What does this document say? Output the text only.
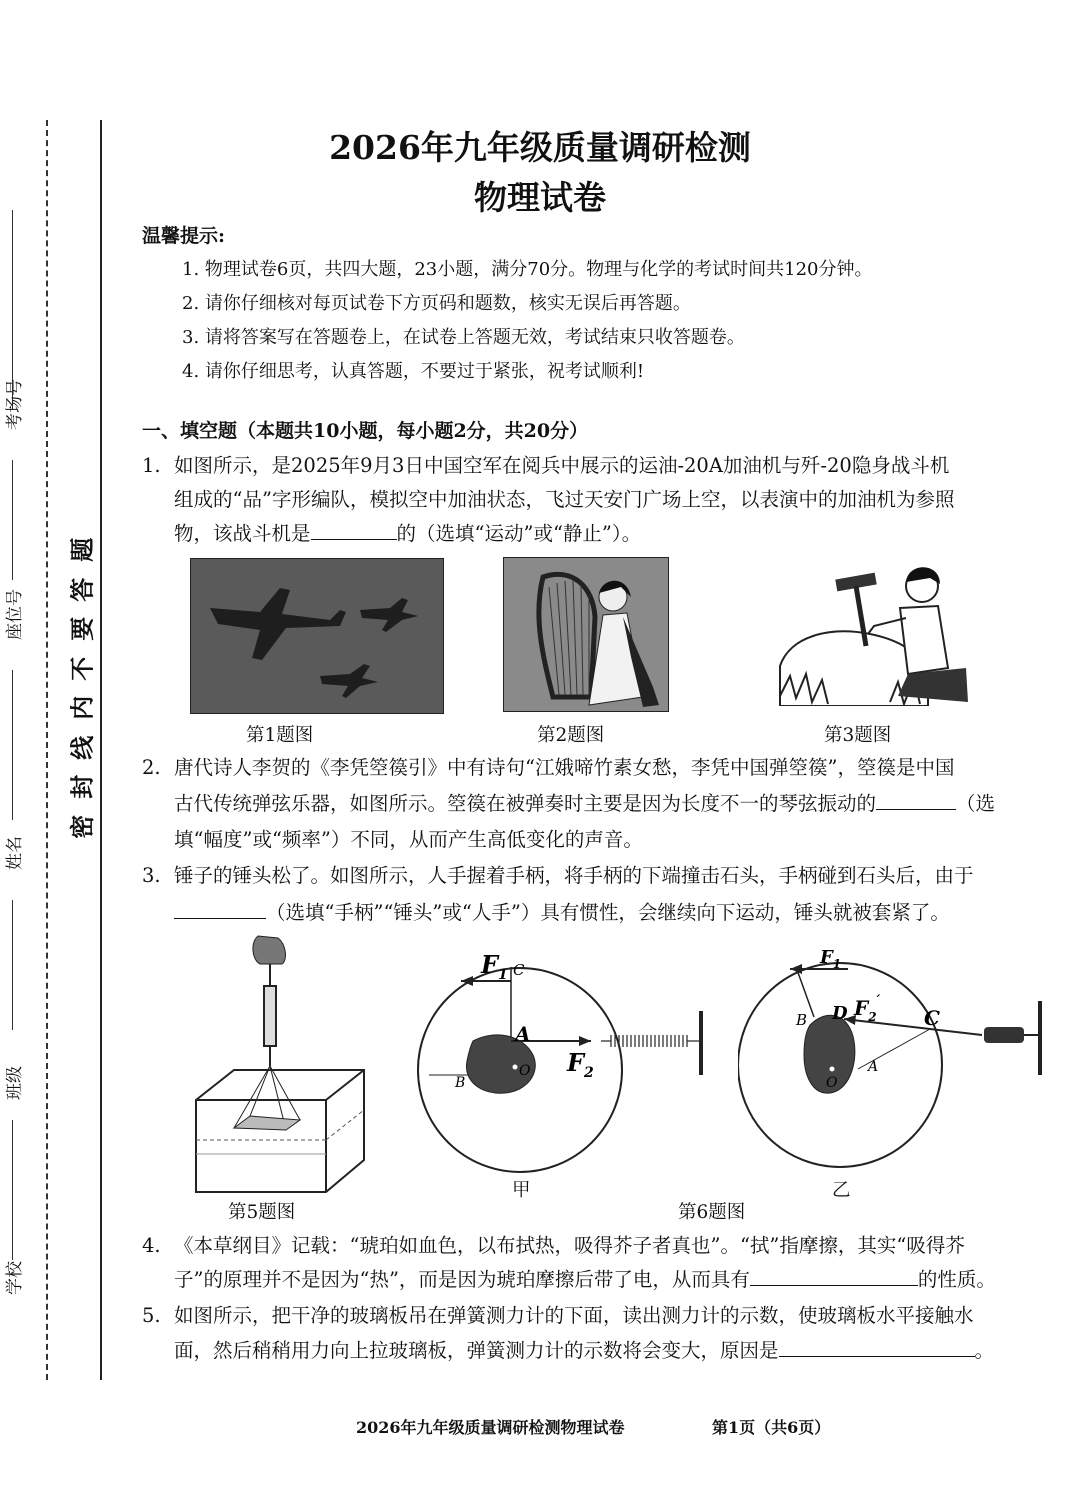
考场号
座位号
姓名
班级
学校
题
答
要
不
内
线
封
密
2026年九年级质量调研检测
物理试卷
温馨提示:
1. 物理试卷6页，共四大题，23小题，满分70分。物理与化学的考试时间共120分钟。
2. 请你仔细核对每页试卷下方页码和题数，核实无误后再答题。
3. 请将答案写在答题卷上，在试卷上答题无效，考试结束只收答题卷。
4. 请你仔细思考，认真答题，不要过于紧张，祝考试顺利!
一、填空题（本题共10小题，每小题2分，共20分）
1. 如图所示，是2025年9月3日中国空军在阅兵中展示的运油-20A加油机与歼-20隐身战斗机
组成的“品”字形编队，模拟空中加油状态，飞过天安门广场上空，以表演中的加油机为参照
物，该战斗机是	的（选填“运动”或“静止”）。
第1题图	第2题图	第3题图
2. 唐代诗人李贺的《李凭箜篌引》中有诗句“江娥啼竹素女愁，李凭中国弹箜篌”，箜篌是中国
古代传统弹弦乐器，如图所示。箜篌在被弹奏时主要是因为长度不一的琴弦振动的	（选
填“幅度”或“频率”）不同，从而产生高低变化的声音。
3. 锤子的锤头松了。如图所示，人手握着手柄，将手柄的下端撞击石头，手柄碰到石头后，由于
（选填“手柄”“锤头”或“人手”）具有惯性，会继续向下运动，锤头就被套紧了。
第5题图
$F_1$ C
A
B
O $F_2$
甲
$F_1$
B D $F_2'$
C
A
O
乙
第6题图
4. 《本草纲目》记载：“琥珀如血色，以布拭热，吸得芥子者真也”。“拭”指摩擦，其实“吸得芥
子”的原理并不是因为“热”，而是因为琥珀摩擦后带了电，从而具有	的性质。
5. 如图所示，把干净的玻璃板吊在弹簧测力计的下面，读出测力计的示数，使玻璃板水平接触水
面，然后稍稍用力向上拉玻璃板，弹簧测力计的示数将会变大，原因是	。
2026年九年级质量调研检测物理试卷	第1页（共6页）
